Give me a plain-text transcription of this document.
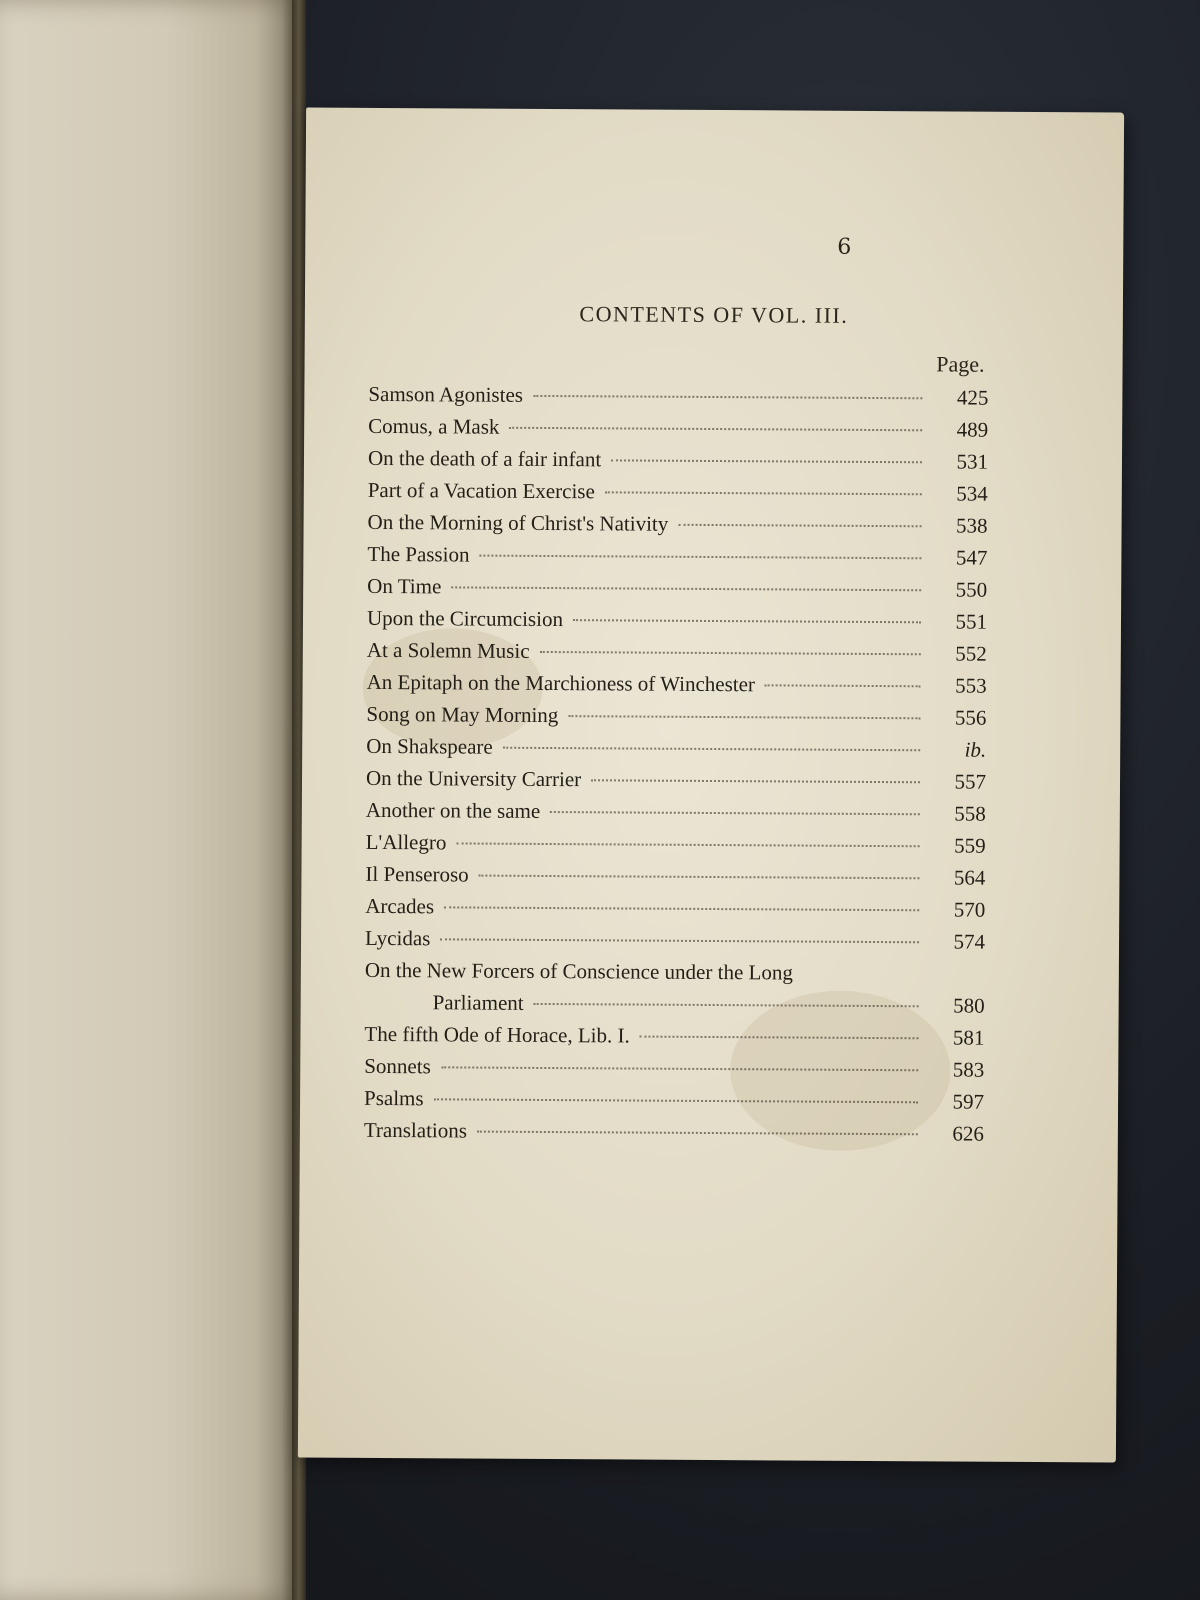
6
CONTENTS OF VOL. III.
Page.
Samson Agonistes	425
Comus, a Mask	489
On the death of a fair infant	531
Part of a Vacation Exercise	534
On the Morning of Christ's Nativity	538
The Passion	547
On Time	550
Upon the Circumcision	551
At a Solemn Music	552
An Epitaph on the Marchioness of Winchester	553
Song on May Morning	556
On Shakspeare	ib.
On the University Carrier	557
Another on the same	558
L'Allegro	559
Il Penseroso	564
Arcades	570
Lycidas	574
On the New Forcers of Conscience under the Long
Parliament	580
The fifth Ode of Horace, Lib. I.	581
Sonnets	583
Psalms	597
Translations	626
